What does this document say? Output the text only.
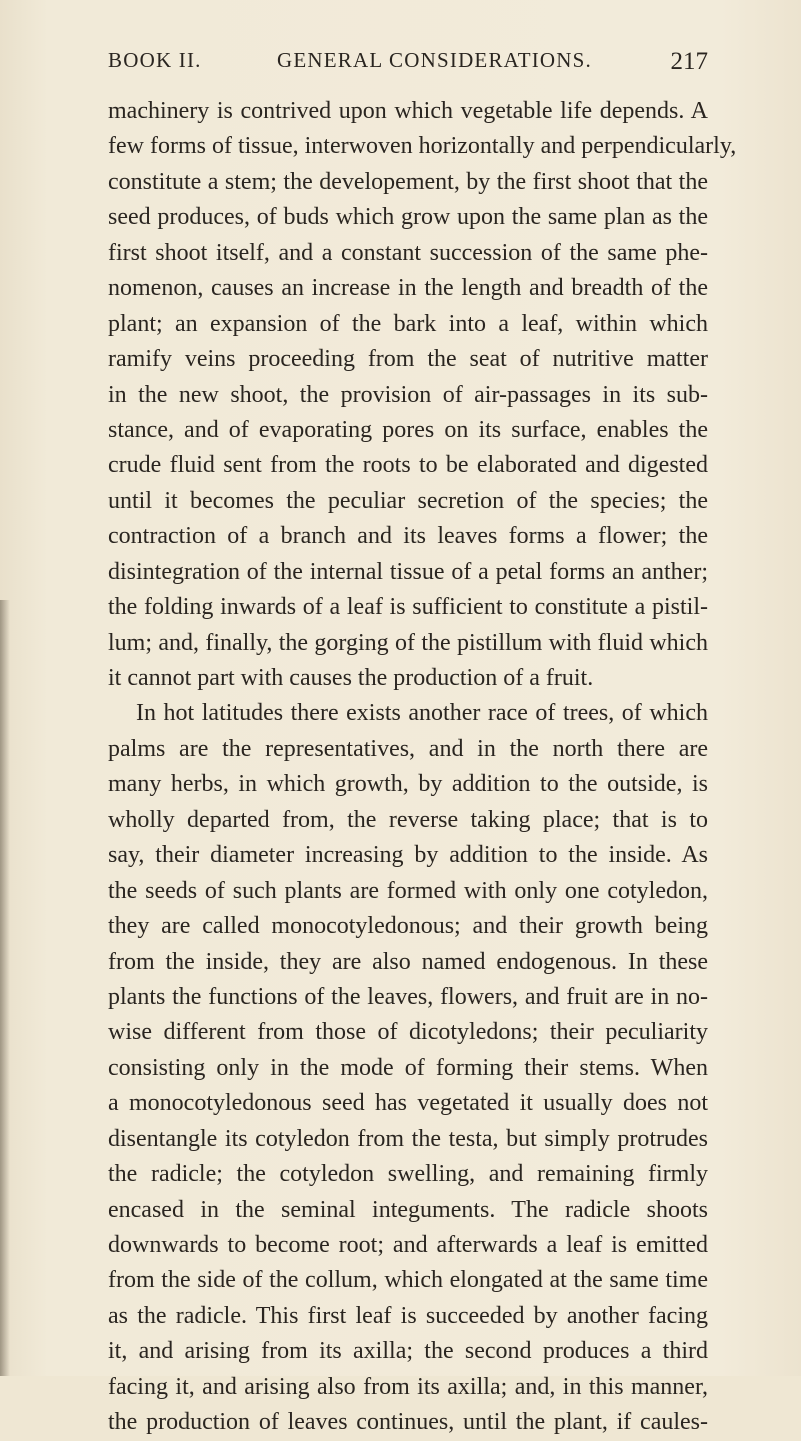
BOOK II.	GENERAL CONSIDERATIONS.	217
machinery is contrived upon which vegetable life depends. A
few forms of tissue, interwoven horizontally and perpendicularly,
constitute a stem; the developement, by the first shoot that the
seed produces, of buds which grow upon the same plan as the
first shoot itself, and a constant succession of the same phe-
nomenon, causes an increase in the length and breadth of the
plant; an expansion of the bark into a leaf, within which
ramify veins proceeding from the seat of nutritive matter
in the new shoot, the provision of air-passages in its sub-
stance, and of evaporating pores on its surface, enables the
crude fluid sent from the roots to be elaborated and digested
until it becomes the peculiar secretion of the species; the
contraction of a branch and its leaves forms a flower; the
disintegration of the internal tissue of a petal forms an anther;
the folding inwards of a leaf is sufficient to constitute a pistil-
lum; and, finally, the gorging of the pistillum with fluid which
it cannot part with causes the production of a fruit.
In hot latitudes there exists another race of trees, of which
palms are the representatives, and in the north there are
many herbs, in which growth, by addition to the outside, is
wholly departed from, the reverse taking place; that is to
say, their diameter increasing by addition to the inside. As
the seeds of such plants are formed with only one cotyledon,
they are called monocotyledonous; and their growth being
from the inside, they are also named endogenous. In these
plants the functions of the leaves, flowers, and fruit are in no-
wise different from those of dicotyledons; their peculiarity
consisting only in the mode of forming their stems. When
a monocotyledonous seed has vegetated it usually does not
disentangle its cotyledon from the testa, but simply protrudes
the radicle; the cotyledon swelling, and remaining firmly
encased in the seminal integuments. The radicle shoots
downwards to become root; and afterwards a leaf is emitted
from the side of the collum, which elongated at the same time
as the radicle. This first leaf is succeeded by another facing
it, and arising from its axilla; the second produces a third
facing it, and arising also from its axilla; and, in this manner,
the production of leaves continues, until the plant, if caules-
